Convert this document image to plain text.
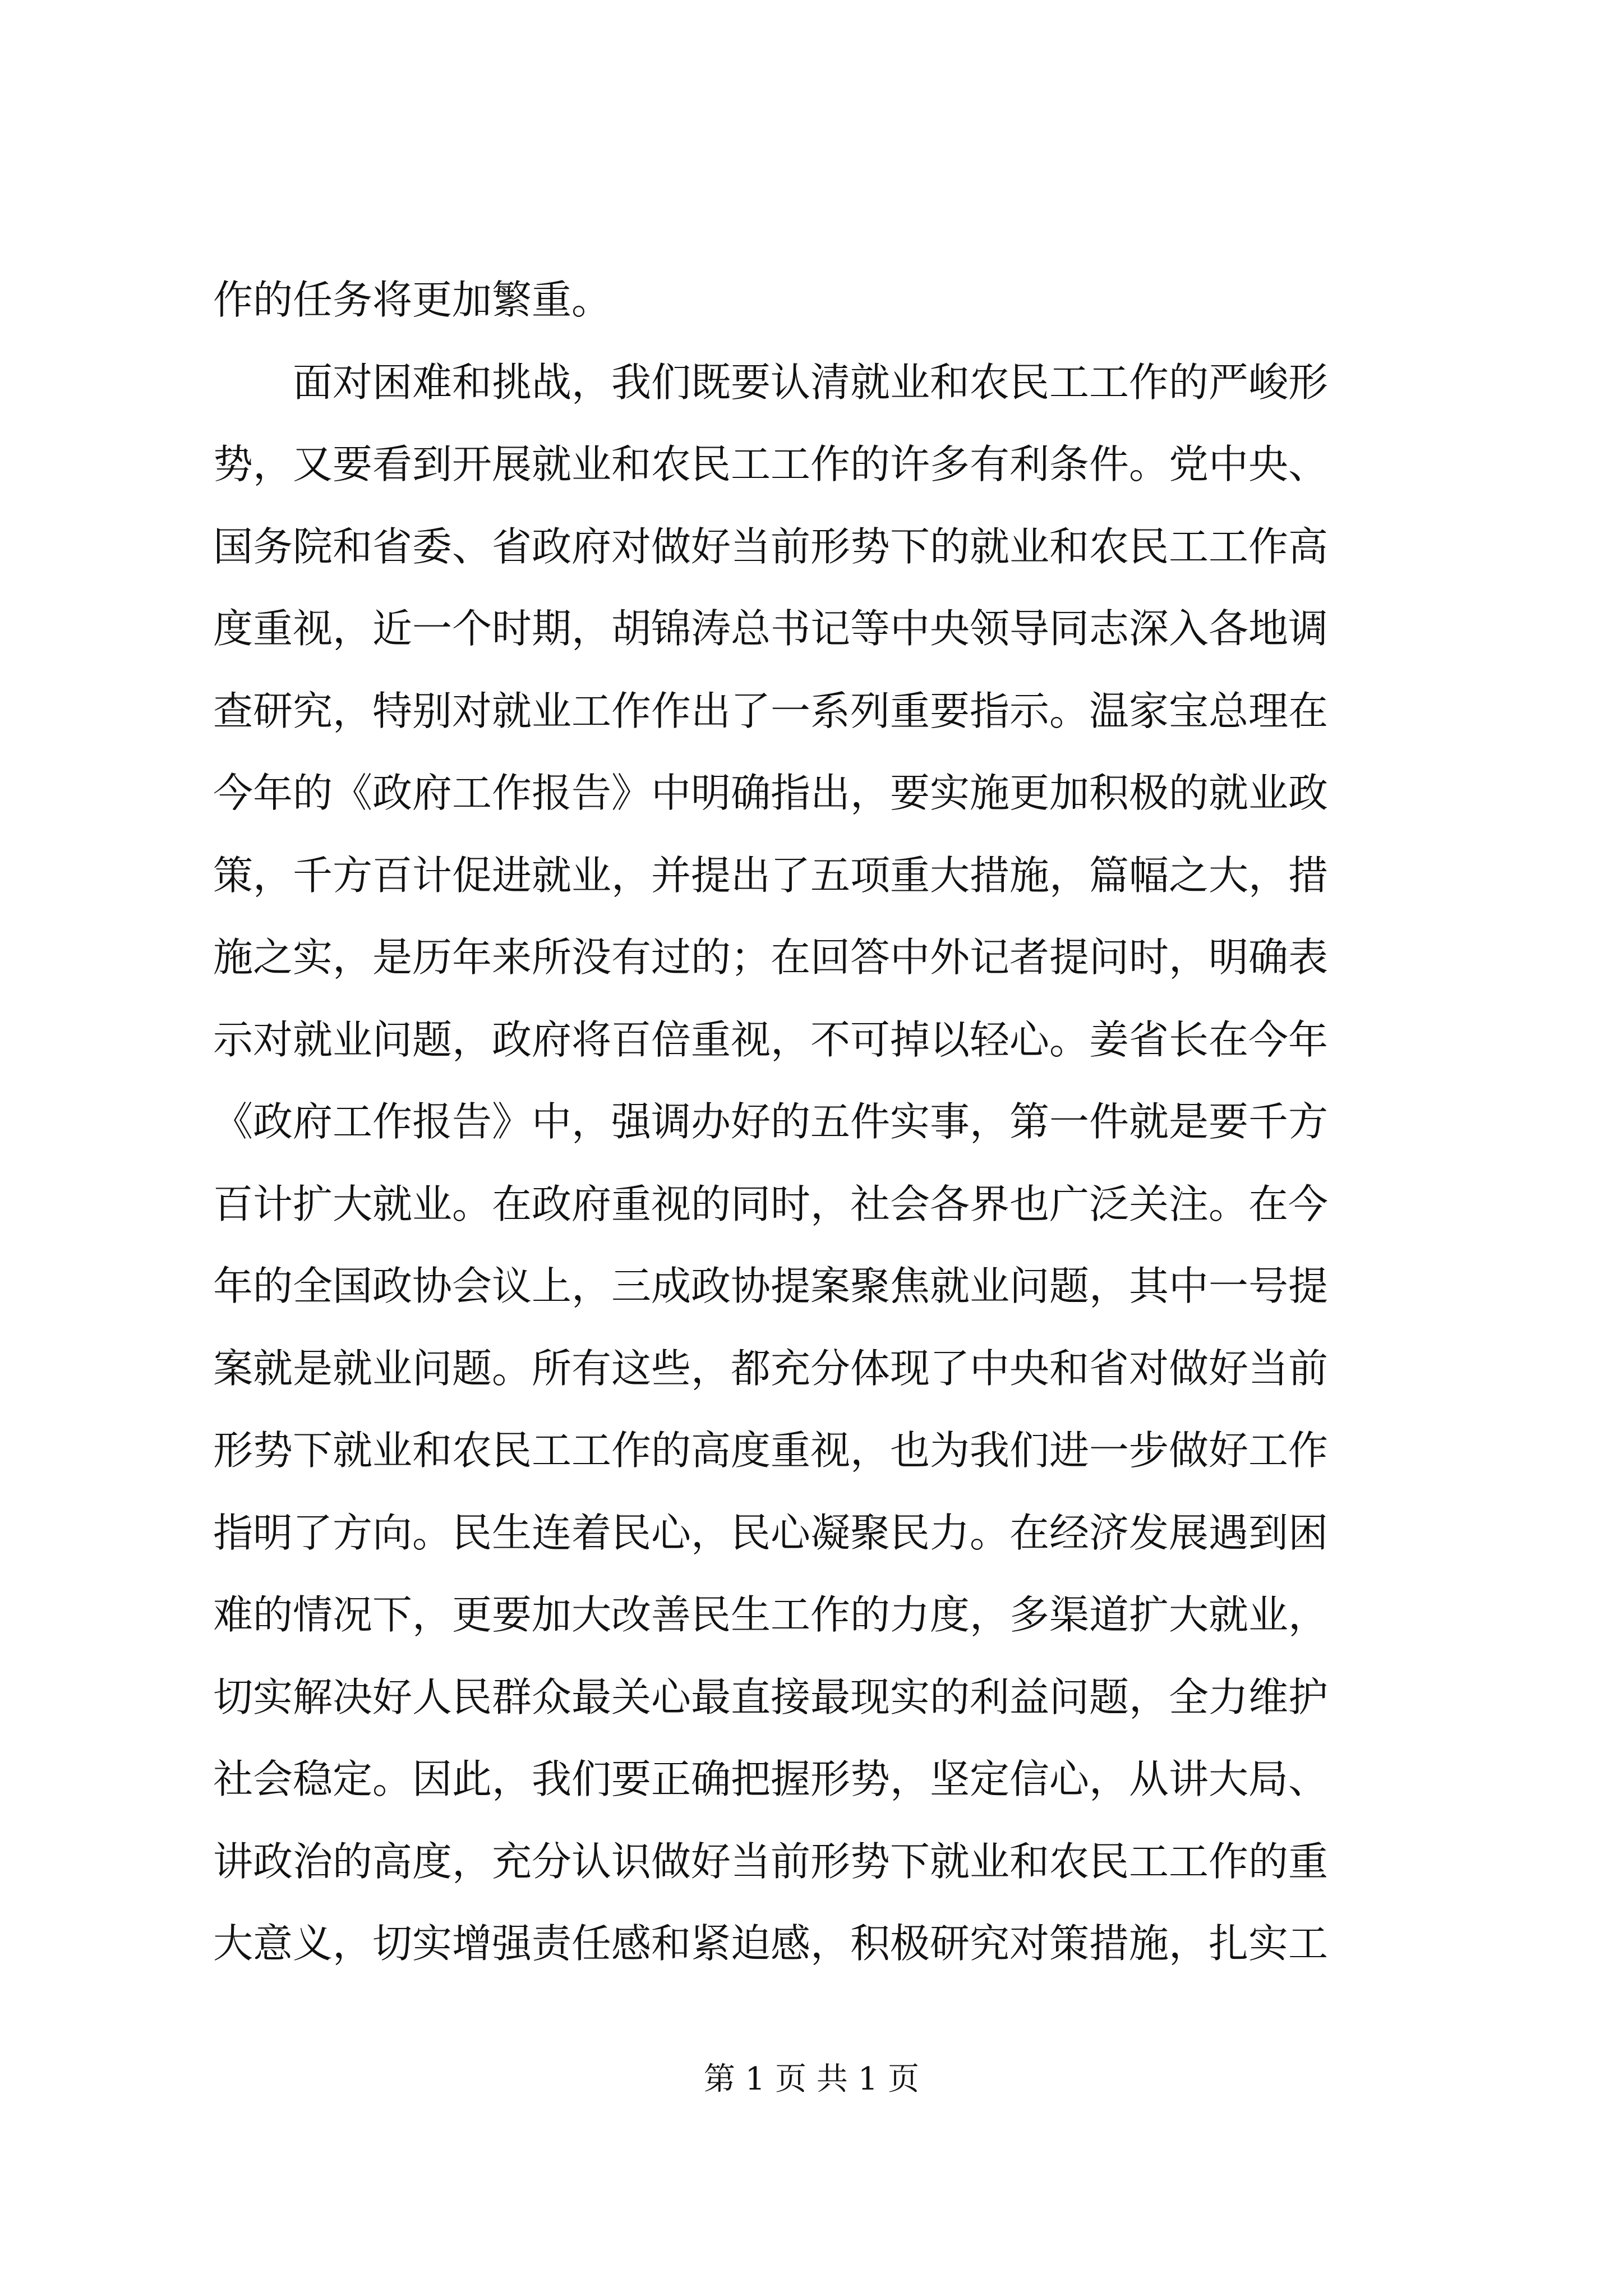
作的任务将更加繁重。
面对困难和挑战，我们既要认清就业和农民工工作的严峻形
势，又要看到开展就业和农民工工作的许多有利条件。党中央、
国务院和省委、省政府对做好当前形势下的就业和农民工工作高
度重视，近一个时期，胡锦涛总书记等中央领导同志深入各地调
查研究，特别对就业工作作出了一系列重要指示。温家宝总理在
今年的《政府工作报告》中明确指出，要实施更加积极的就业政
策，千方百计促进就业，并提出了五项重大措施，篇幅之大，措
施之实，是历年来所没有过的；在回答中外记者提问时，明确表
示对就业问题，政府将百倍重视，不可掉以轻心。姜省长在今年
《政府工作报告》中，强调办好的五件实事，第一件就是要千方
百计扩大就业。在政府重视的同时，社会各界也广泛关注。在今
年的全国政协会议上，三成政协提案聚焦就业问题，其中一号提
案就是就业问题。所有这些，都充分体现了中央和省对做好当前
形势下就业和农民工工作的高度重视，也为我们进一步做好工作
指明了方向。民生连着民心，民心凝聚民力。在经济发展遇到困
难的情况下，更要加大改善民生工作的力度，多渠道扩大就业，
切实解决好人民群众最关心最直接最现实的利益问题，全力维护
社会稳定。因此，我们要正确把握形势，坚定信心，从讲大局、
讲政治的高度，充分认识做好当前形势下就业和农民工工作的重
大意义，切实增强责任感和紧迫感，积极研究对策措施，扎实工
第 1 页 共 1 页
